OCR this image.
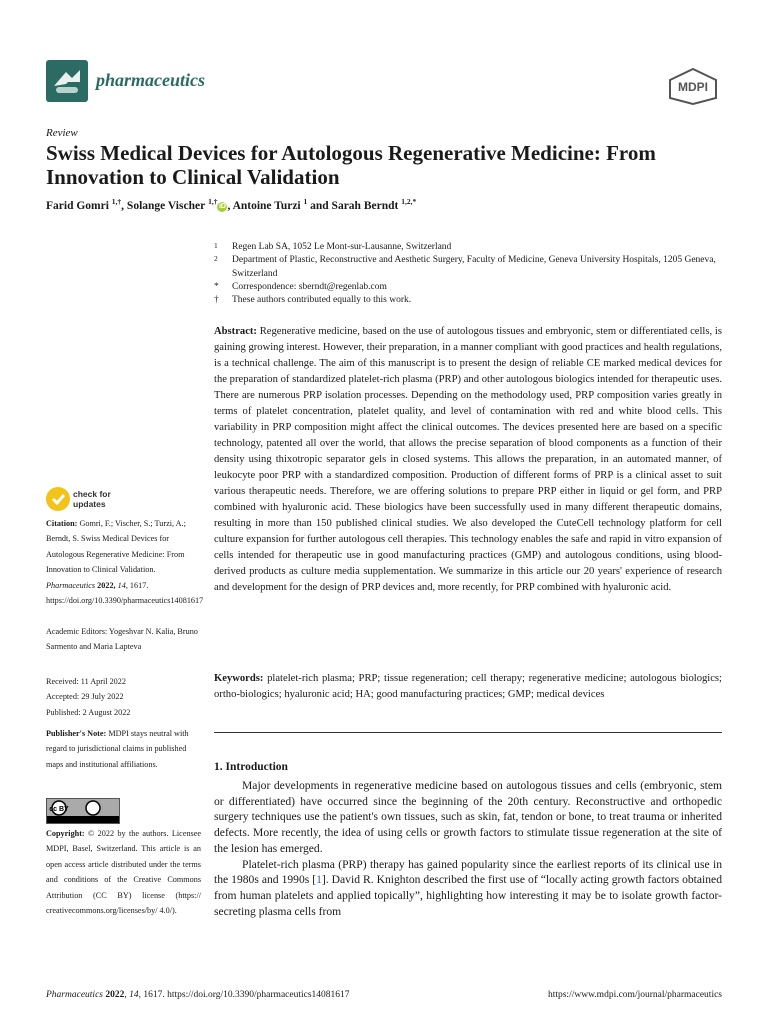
pharmaceutics	MDPI
Review
Swiss Medical Devices for Autologous Regenerative Medicine: From Innovation to Clinical Validation
Farid Gomri $^{1,\dagger}$, Solange Vischer $^{1,\dagger}$iD , Antoine Turzi $^1$ and Sarah Berndt $^{1,2,*}$
1 Regen Lab SA, 1052 Le Mont-sur-Lausanne, Switzerland
2 Department of Plastic, Reconstructive and Aesthetic Surgery, Faculty of Medicine, Geneva University Hospitals, 1205 Geneva, Switzerland
* Correspondence: sberndt@regenlab.com
† These authors contributed equally to this work.
Abstract: Regenerative medicine, based on the use of autologous tissues and embryonic, stem or differentiated cells, is gaining growing interest. However, their preparation, in a manner compliant with good practices and health regulations, is a technical challenge. The aim of this manuscript is to present the design of reliable CE marked medical devices for the preparation of standardized platelet-rich plasma (PRP) and other autologous biologics intended for therapeutic uses. There are numerous PRP isolation processes. Depending on the methodology used, PRP composition varies greatly in terms of platelet concentration, platelet quality, and level of contamination with red and white blood cells. This variability in PRP composition might affect the clinical outcomes. The devices presented here are based on a specific technology, patented all over the world, that allows the precise separation of blood components as a function of their density using thixotropic separator gels in closed systems. This allows the preparation, in an automated manner, of leukocyte poor PRP with a standardized composition. Production of different forms of PRP is a clinical asset to suit various therapeutic needs. Therefore, we are offering solutions to prepare PRP either in liquid or gel form, and PRP combined with hyaluronic acid. These biologics have been successfully used in many different therapeutic domains, resulting in more than 150 published clinical studies. We also developed the CuteCell technology platform for cell culture expansion for further autologous cell therapies. This technology enables the safe and rapid in vitro expansion of cells intended for therapeutic use in good manufacturing practices (GMP) and autologous conditions, using blood-derived products as culture media supplementation. We summarize in this article our 20 years' experience of research and development for the design of PRP devices and, more recently, for PRP combined with hyaluronic acid.
Keywords: platelet-rich plasma; PRP; tissue regeneration; cell therapy; regenerative medicine; autologous biologics; ortho-biologics; hyaluronic acid; HA; good manufacturing practices; GMP; medical devices
1. Introduction

Major developments in regenerative medicine based on autologous tissues and cells (embryonic, stem or differentiated) have occurred since the beginning of the 20th century. Reconstructive and orthopedic surgery techniques use the patient's own tissues, such as skin, fat, tendon or bone, to treat trauma or inherited defects. More recently, the idea of using cells or growth factors to stimulate tissue regeneration at the site of the lesion has emerged.

Platelet-rich plasma (PRP) therapy has gained popularity since the earliest reports of its clinical use in the 1980s and 1990s [1]. David R. Knighton described the first use of “locally acting growth factors obtained from human platelets and applied topically”, highlighting how interesting it may be to isolate growth factor-secreting plasma cells from

check for
updates
Citation: Gomri, F.; Vischer, S.; Turzi, A.; Berndt, S. Swiss Medical Devices for Autologous Regenerative Medicine: From Innovation to Clinical Validation. Pharmaceutics 2022, 14, 1617. https://doi.org/10.3390/pharmaceutics14081617
Academic Editors: Yogeshvar N. Kalia, Bruno Sarmento and Maria Lapteva
Received: 11 April 2022
Accepted: 29 July 2022
Published: 2 August 2022
Publisher's Note: MDPI stays neutral with regard to jurisdictional claims in published maps and institutional affiliations.
cc BY
Copyright: © 2022 by the authors. Licensee MDPI, Basel, Switzerland. This article is an open access article distributed under the terms and conditions of the Creative Commons Attribution (CC BY) license (https:// creativecommons.org/licenses/by/ 4.0/).
Pharmaceutics 2022, 14, 1617. https://doi.org/10.3390/pharmaceutics14081617	https://www.mdpi.com/journal/pharmaceutics
